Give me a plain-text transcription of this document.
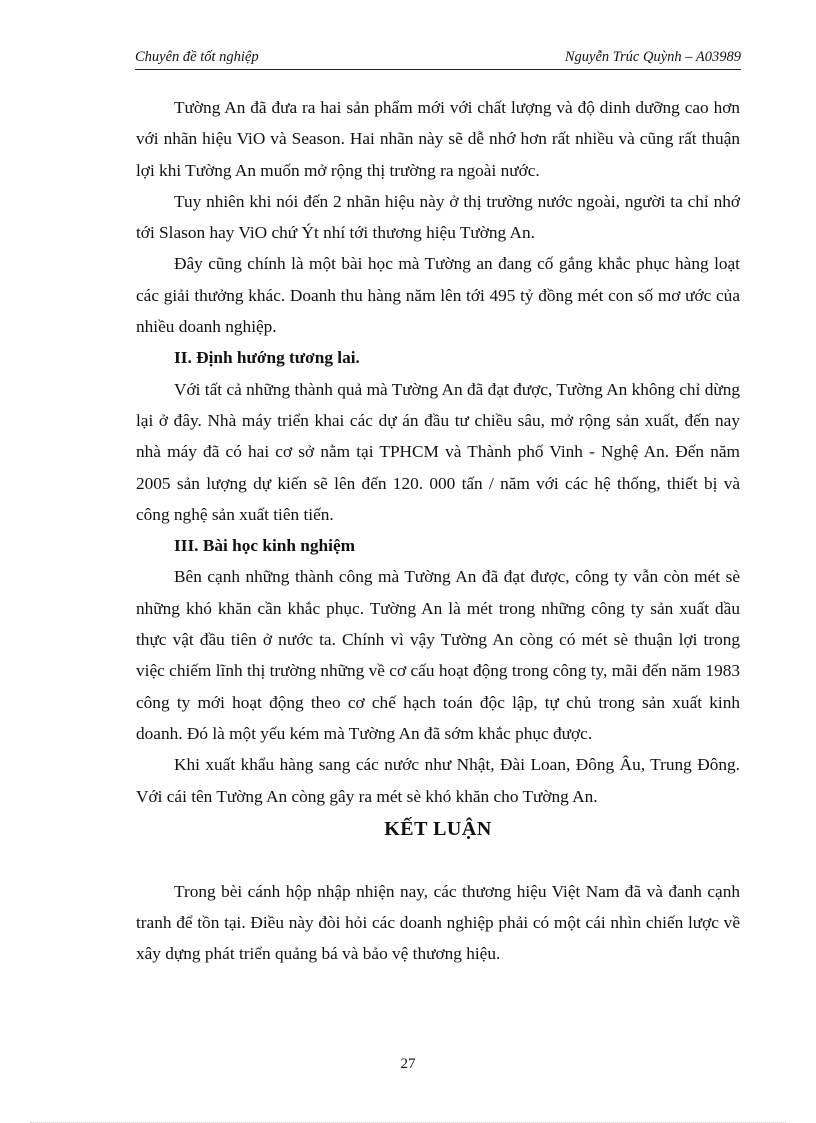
Chuyên đề tốt nghiệp	Nguyễn Trúc Quỳnh – A03989

Tường An đã đưa ra hai sản phẩm mới với chất lượng và độ dinh dưỡng cao hơn với nhãn hiệu ViO và Season. Hai nhãn này sẽ dễ nhớ hơn rất nhiều và cũng rất thuận lợi khi Tường An muốn mở rộng thị trường ra ngoài nước.

Tuy nhiên khi nói đến 2 nhãn hiệu này ở thị trường nước ngoài, người ta chỉ nhớ tới Slason hay ViO chứ Ýt nhí tới thương hiệu Tường An.

Đây cũng chính là một bài học mà Tường an đang cố gắng khắc phục hàng loạt các giải thưởng khác. Doanh thu hàng năm lên tới 495 tỷ đồng mét con số mơ ước của nhiều doanh nghiệp.

II. Định hướng tương lai.

Với tất cả những thành quả mà Tường An đã đạt được, Tường An không chỉ dừng lại ở đây. Nhà máy triển khai các dự án đầu tư chiều sâu, mở rộng sản xuất, đến nay nhà máy đã có hai cơ sở nằm tại TPHCM và Thành phố Vinh - Nghệ An. Đến năm 2005 sản lượng dự kiến sẽ lên đến 120. 000 tấn / năm với các hệ thống, thiết bị và công nghệ sản xuất tiên tiến.

III. Bài học kinh nghiệm

Bên cạnh những thành công mà Tường An đã đạt được, công ty vẫn còn mét sè những khó khăn cần khắc phục. Tường An là mét trong những công ty sản xuất dầu thực vật đầu tiên ở nước ta. Chính vì vậy Tường An còng có mét sè thuận lợi trong việc chiếm lĩnh thị trường những về cơ cấu hoạt động trong công ty, mãi đến năm 1983 công ty mới hoạt động theo cơ chế hạch toán độc lập, tự chủ trong sản xuất kinh doanh. Đó là một yếu kém mà Tường An đã sớm khắc phục được.

Khi xuất khẩu hàng sang các nước như Nhật, Đài Loan, Đông Âu, Trung Đông. Với cái tên Tường An còng gây ra mét sè khó khăn cho Tường An.

KẾT LUẬN

Trong bèi cánh hộp nhập nhiện nay, các thương hiệu Việt Nam đã và đanh cạnh tranh để tồn tại. Điều này đòi hỏi các doanh nghiệp phải có một cái nhìn chiến lược về xây dựng phát triển quảng bá và bảo vệ thương hiệu.

27
